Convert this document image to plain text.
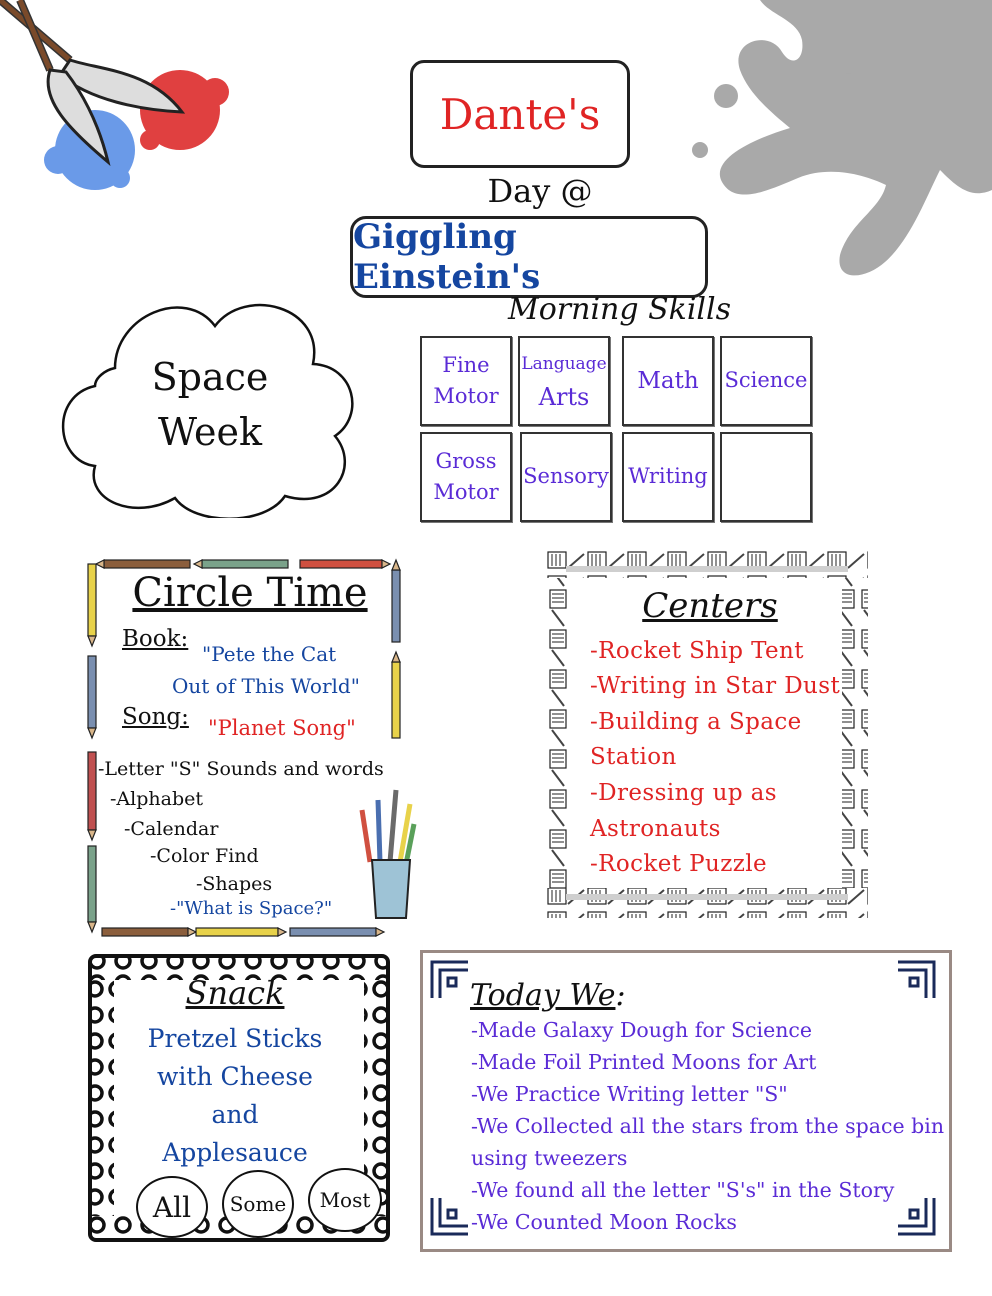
Dante's
Day @
Giggling Einstein's
Space
Week
Morning Skills
Fine
Motor
Language
Arts
Math Science
Gross
Motor
Sensory Writing
Circle Time
Book:
"Pete the Cat
Out of This World"
Song: "Planet Song"
-Letter "S" Sounds and words
-Alphabet
-Calendar
-Color Find
-Shapes
-"What is Space?"
Centers
-Rocket Ship Tent
-Writing in Star Dust
-Building a Space
Station
-Dressing up as
Astronauts
-Rocket Puzzle
Snack
Pretzel Sticks
with Cheese
and
Applesauce
All Some Most
Today We:
-Made Galaxy Dough for Science
-Made Foil Printed Moons for Art
-We Practice Writing letter "S"
-We Collected all the stars from the space bin
using tweezers
-We found all the letter "S's" in the Story
-We Counted Moon Rocks
